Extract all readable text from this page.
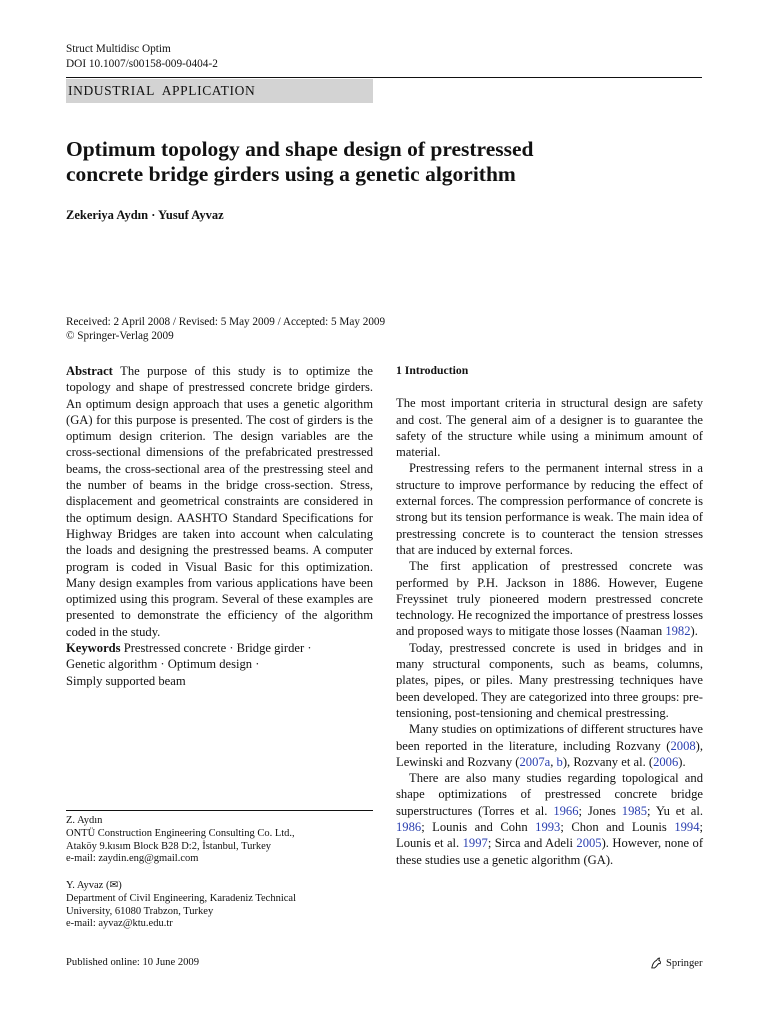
Struct Multidisc Optim
DOI 10.1007/s00158-009-0404-2
INDUSTRIAL  APPLICATION
Optimum topology and shape design of prestressed
concrete bridge girders using a genetic algorithm
Zekeriya Aydın · Yusuf Ayvaz
Received: 2 April 2008 / Revised: 5 May 2009 / Accepted: 5 May 2009
© Springer-Verlag 2009

Abstract The purpose of this study is to optimize the topology and shape of prestressed concrete bridge girders. An optimum design approach that uses a genetic algorithm (GA) for this purpose is presented. The cost of girders is the optimum design criterion. The design variables are the cross-sectional dimensions of the prefabricated prestressed beams, the cross-sectional area of the prestressing steel and the number of beams in the bridge cross-section. Stress, displacement and geometrical constraints are considered in the optimum design. AASHTO Standard Specifications for Highway Bridges are taken into account when calculating the loads and designing the prestressed beams. A computer program is coded in Visual Basic for this optimization. Many design examples from various applications have been optimized using this program. Several of these examples are presented to demonstrate the efficiency of the algorithm coded in the study.

Keywords Prestressed concrete · Bridge girder ·
Genetic algorithm · Optimum design ·
Simply supported beam

Z. Aydın
ONTÜ Construction Engineering Consulting Co. Ltd.,
Ataköy 9.kısım Block B28 D:2, İstanbul, Turkey
e-mail: zaydin.eng@gmail.com
Y. Ayvaz (✉)
Department of Civil Engineering, Karadeniz Technical
University, 61080 Trabzon, Turkey
e-mail: ayvaz@ktu.edu.tr
1 Introduction

The most important criteria in structural design are safety and cost. The general aim of a designer is to guarantee the safety of the structure while using a minimum amount of material.

Prestressing refers to the permanent internal stress in a structure to improve performance by reducing the effect of external forces. The compression performance of concrete is strong but its tension performance is weak. The main idea of prestressing concrete is to counteract the tension stresses that are induced by external forces.

The first application of prestressed concrete was performed by P.H. Jackson in 1886. However, Eugene Freyssinet truly pioneered modern prestressed concrete technology. He recognized the importance of prestress losses and proposed ways to mitigate those losses (Naaman 1982).

Today, prestressed concrete is used in bridges and in many structural components, such as beams, columns, plates, pipes, or piles. Many prestressing techniques have been developed. They are categorized into three groups: pre-tensioning, post-tensioning and chemical prestressing.

Many studies on optimizations of different structures have been reported in the literature, including Rozvany (2008), Lewinski and Rozvany (2007a, b), Rozvany et al. (2006).

There are also many studies regarding topological and shape optimizations of prestressed concrete bridge superstructures (Torres et al. 1966; Jones 1985; Yu et al. 1986; Lounis and Cohn 1993; Chon and Lounis 1994; Lounis et al. 1997; Sirca and Adeli 2005). However, none of these studies use a genetic algorithm (GA).

Published online: 10 June 2009	Springer
